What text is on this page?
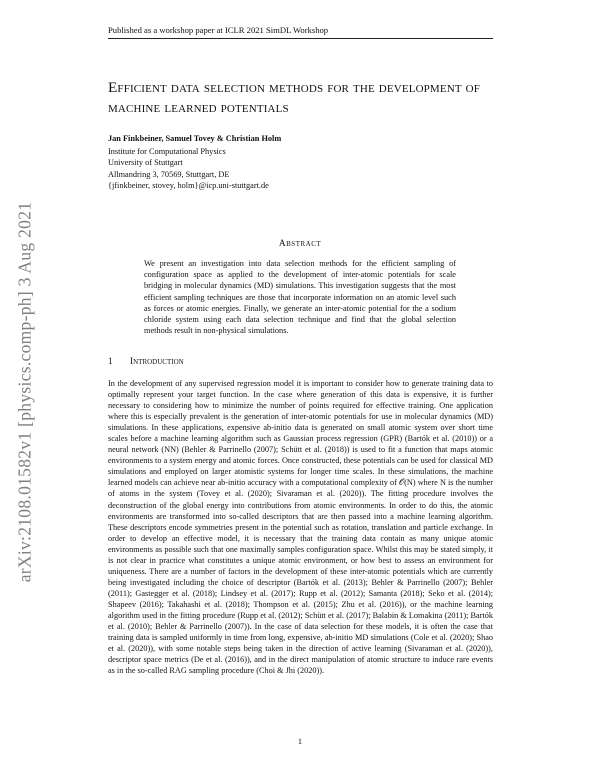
Published as a workshop paper at ICLR 2021 SimDL Workshop
Efficient data selection methods for the development of machine learned potentials
Jan Finkbeiner, Samuel Tovey & Christian Holm
Institute for Computational Physics
University of Stuttgart
Allmandring 3, 70569, Stuttgart, DE
{jfinkbeiner, stovey, holm}@icp.uni-stuttgart.de
arXiv:2108.01582v1 [physics.comp-ph] 3 Aug 2021	Abstract
We present an investigation into data selection methods for the efficient sampling of configuration space as applied to the development of inter-atomic potentials for scale bridging in molecular dynamics (MD) simulations. This investigation suggests that the most efficient sampling techniques are those that incorporate information on an atomic level such as forces or atomic energies. Finally, we generate an inter-atomic potential for the a sodium chloride system using each data selection technique and find that the global selection methods result in non-physical simulations.
1 Introduction
In the development of any supervised regression model it is important to consider how to generate training data to optimally represent your target function. In the case where generation of this data is expensive, it is further necessary to considering how to minimize the number of points required for effective training. One application where this is especially prevalent is the generation of inter-atomic potentials for use in molecular dynamics (MD) simulations. In these applications, expensive ab-initio data is generated on small atomic system over short time scales before a machine learning algorithm such as Gaussian process regression (GPR) (Bartók et al. (2010)) or a neural network (NN) (Behler & Parrinello (2007); Schütt et al. (2018)) is used to fit a function that maps atomic environments to a system energy and atomic forces. Once constructed, these potentials can be used for classical MD simulations and employed on larger atomistic systems for longer time scales. In these simulations, the machine learned models can achieve near ab-initio accuracy with a computational complexity of 𝒪(N) where N is the number of atoms in the system (Tovey et al. (2020); Sivaraman et al. (2020)). The fitting procedure involves the deconstruction of the global energy into contributions from atomic environments. In order to do this, the atomic environments are transformed into so-called descriptors that are then passed into a machine learning algorithm. These descriptors encode symmetries present in the potential such as rotation, translation and particle exchange. In order to develop an effective model, it is necessary that the training data contain as many unique atomic environments as possible such that one maximally samples configuration space. Whilst this may be stated simply, it is not clear in practice what constitutes a unique atomic environment, or how best to assess an environment for uniqueness. There are a number of factors in the development of these inter-atomic potentials which are currently being investigated including the choice of descriptor (Bartók et al. (2013); Behler & Parrinello (2007); Behler (2011); Gastegger et al. (2018); Lindsey et al. (2017); Rupp et al. (2012); Samanta (2018); Seko et al. (2014); Shapeev (2016); Takahashi et al. (2018); Thompson et al. (2015); Zhu et al. (2016)), or the machine learning algorithm used in the fitting procedure (Rupp et al. (2012); Schütt et al. (2017); Balabin & Lomakina (2011); Bartók et al. (2010); Behler & Parrinello (2007)). In the case of data selection for these models, it is often the case that training data is sampled uniformly in time from long, expensive, ab-initio MD simulations (Cole et al. (2020); Shao et al. (2020)), with some notable steps being taken in the direction of active learning (Sivaraman et al. (2020)), descriptor space metrics (De et al. (2016)), and in the direct manipulation of atomic structure to induce rare events as in the so-called RAG sampling procedure (Choi & Jhi (2020)).
1
